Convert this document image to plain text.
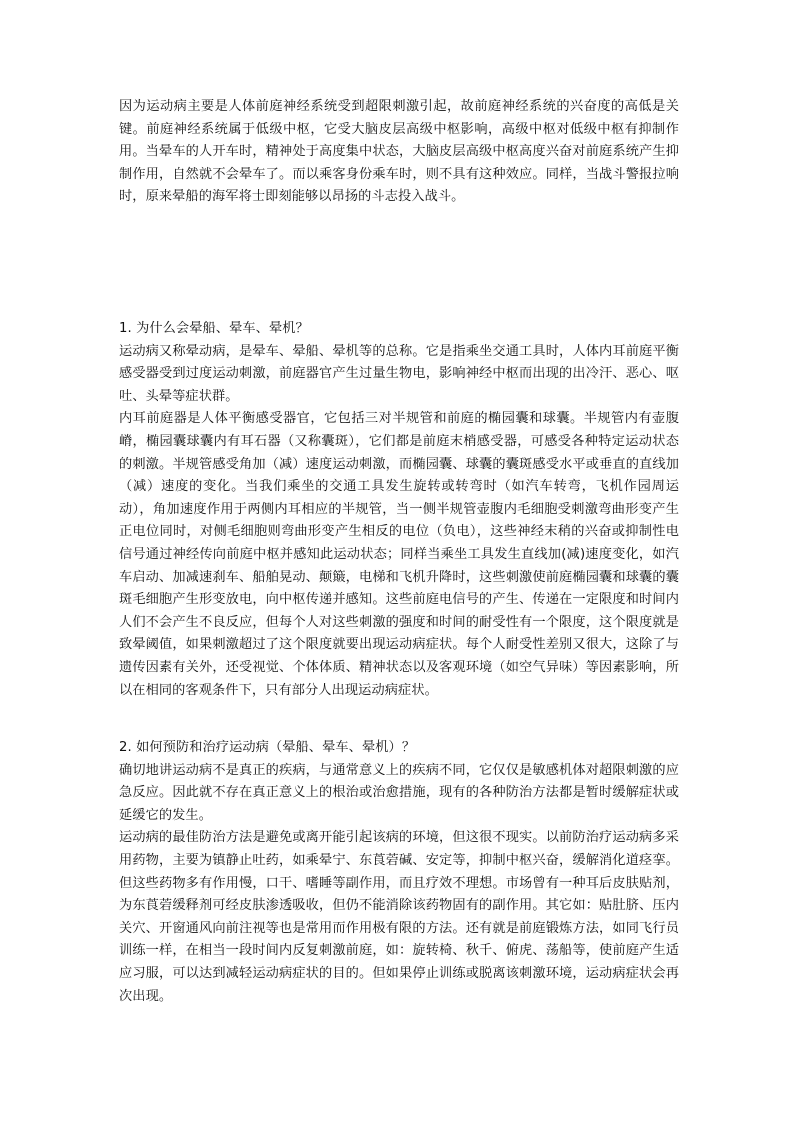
因为运动病主要是人体前庭神经系统受到超限刺激引起，故前庭神经系统的兴奋度的高低是关键。前庭神经系统属于低级中枢，它受大脑皮层高级中枢影响，高级中枢对低级中枢有抑制作用。当晕车的人开车时，精神处于高度集中状态，大脑皮层高级中枢高度兴奋对前庭系统产生抑制作用，自然就不会晕车了。而以乘客身份乘车时，则不具有这种效应。同样，当战斗警报拉响时，原来晕船的海军将士即刻能够以昂扬的斗志投入战斗。

1. 为什么会晕船、晕车、晕机？

运动病又称晕动病，是晕车、晕船、晕机等的总称。它是指乘坐交通工具时，人体内耳前庭平衡感受器受到过度运动刺激，前庭器官产生过量生物电，影响神经中枢而出现的出冷汗、恶心、呕吐、头晕等症状群。

内耳前庭器是人体平衡感受器官，它包括三对半规管和前庭的椭园囊和球囊。半规管内有壶腹嵴，椭园囊球囊内有耳石器（又称囊斑），它们都是前庭末梢感受器，可感受各种特定运动状态的刺激。半规管感受角加（减）速度运动刺激，而椭园囊、球囊的囊斑感受水平或垂直的直线加（减）速度的变化。当我们乘坐的交通工具发生旋转或转弯时（如汽车转弯，飞机作园周运动），角加速度作用于两侧内耳相应的半规管，当一侧半规管壶腹内毛细胞受刺激弯曲形变产生正电位同时，对侧毛细胞则弯曲形变产生相反的电位（负电），这些神经末稍的兴奋或抑制性电信号通过神经传向前庭中枢并感知此运动状态；同样当乘坐工具发生直线加(减)速度变化，如汽车启动、加减速刹车、船舶晃动、颠簸，电梯和飞机升降时，这些刺激使前庭椭园囊和球囊的囊斑毛细胞产生形变放电，向中枢传递并感知。这些前庭电信号的产生、传递在一定限度和时间内人们不会产生不良反应，但每个人对这些刺激的强度和时间的耐受性有一个限度，这个限度就是致晕阈值，如果刺激超过了这个限度就要出现运动病症状。每个人耐受性差别又很大，这除了与遗传因素有关外，还受视觉、个体体质、精神状态以及客观环境（如空气异味）等因素影响，所以在相同的客观条件下，只有部分人出现运动病症状。

2. 如何预防和治疗运动病（晕船、晕车、晕机）？

确切地讲运动病不是真正的疾病，与通常意义上的疾病不同，它仅仅是敏感机体对超限刺激的应急反应。因此就不存在真正意义上的根治或治愈措施，现有的各种防治方法都是暂时缓解症状或延缓它的发生。

运动病的最佳防治方法是避免或离开能引起该病的环境，但这很不现实。以前防治疗运动病多采用药物，主要为镇静止吐药，如乘晕宁、东莨菪碱、安定等，抑制中枢兴奋，缓解消化道痉挛。但这些药物多有作用慢，口干、嗜睡等副作用，而且疗效不理想。市场曾有一种耳后皮肤贴剂，为东莨菪缓释剂可经皮肤渗透吸收，但仍不能消除该药物固有的副作用。其它如：贴肚脐、压内关穴、开窗通风向前注视等也是常用而作用极有限的方法。还有就是前庭锻炼方法，如同飞行员训练一样，在相当一段时间内反复刺激前庭，如：旋转椅、秋千、俯虎、荡船等，使前庭产生适应习服，可以达到减轻运动病症状的目的。但如果停止训练或脱离该刺激环境，运动病症状会再次出现。
